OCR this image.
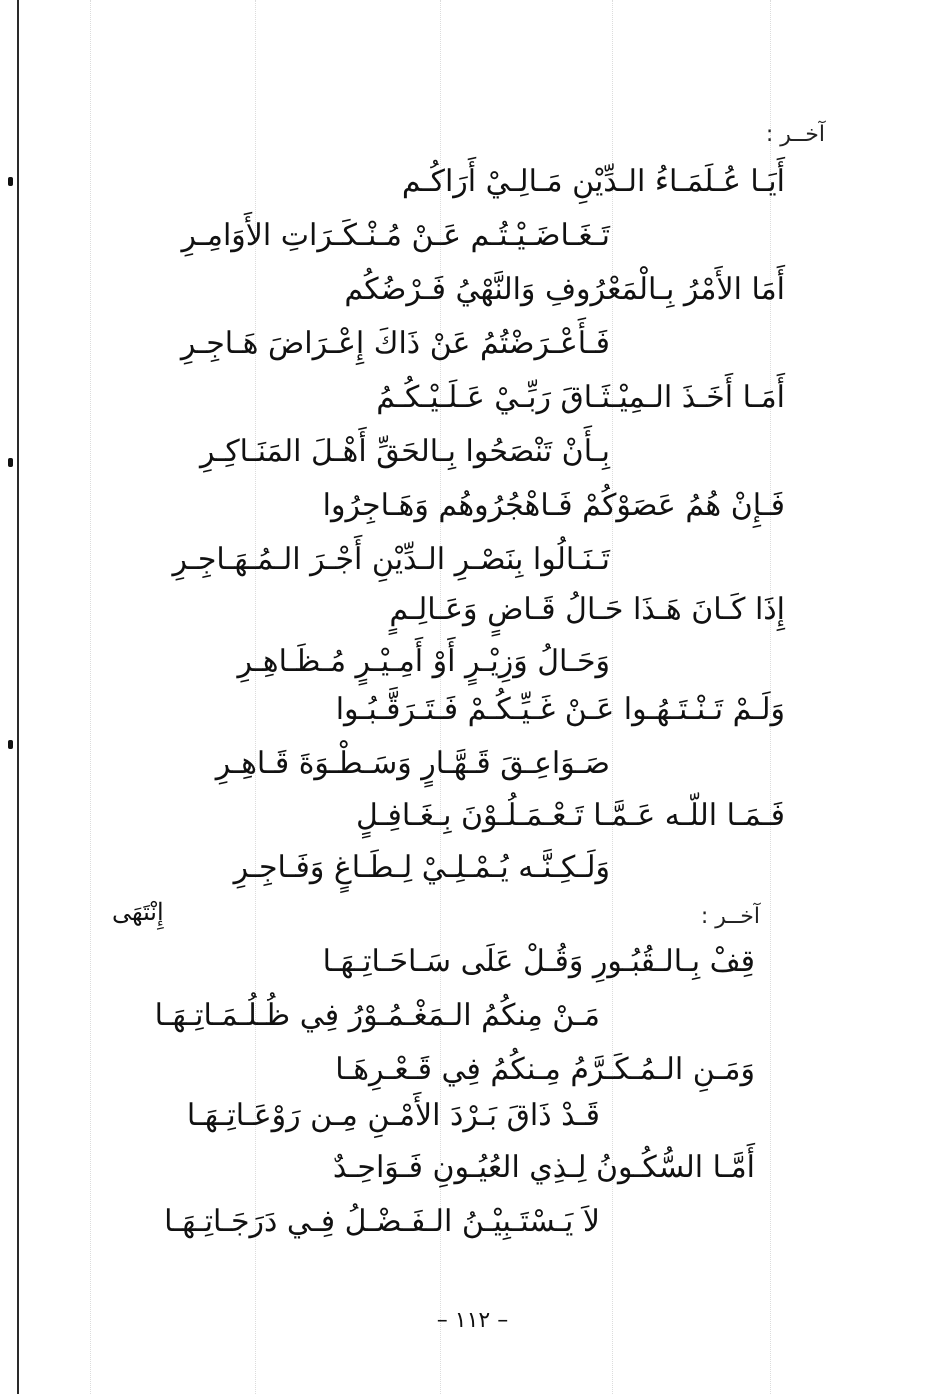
آخــر :
أَيَـا عُـلَمَـاءُ الـدِّيْنِ مَـالِـيْ أَرَاكُـم
تَـغَـاضَـيْـتُـم عَـنْ مُـنْـكَـرَاتِ الأَوَامِـرِ
أَمَا الأَمْرُ بِـالْمَعْرُوفِ وَالنَّهْيُ فَـرْضُكُم
فَـأَعْـرَضْتُمُ عَنْ ذَاكَ إِعْـرَاضَ هَـاجِـرِ
أَمَـا أَخَـذَ الـمِيْـثَـاقَ رَبِّـيْ عَـلَـيْـكُـمُ
بِـأَنْ تَنْصَحُوا بِـالحَقِّ أَهْـلَ المَنَـاكِـرِ
فَـإِنْ هُمُ عَصَوْكُمْ فَـاهْجُرُوهُم وَهَـاجِرُوا
تَـنَـالُوا بِنَصْـرِ الـدِّيْنِ أَجْـرَ الـمُـهَـاجِـرِ
إِذَا كَـانَ هَـذَا حَـالُ قَـاضٍ وَعَـالِـمٍ
وَحَـالُ وَزِيْـرٍ أَوْ أَمِـيْـرٍ مُـظَـاهِـرِ
وَلَـمْ تَـنْـتَـهُـوا عَـنْ غَـيِّـكُـمْ فَـتَـرَقَّـبُـوا
صَـوَاعِـقَ قَـهَّـارٍ وَسَـطْـوَةَ قَـاهِـرِ
فَـمَـا اللّـه عَـمَّـا تَـعْـمَـلُـوْنَ بِـغَـافِـلٍ
وَلَـكِـنَّـه يُـمْـلِـيْ لِـطَـاغٍ وَفَـاجِـرِ
إِنْتَهَى	آخــر :
قِفْ بِـالـقُبُـورِ وَقُـلْ عَلَى سَـاحَـاتِـهَـا
مَـنْ مِنكُمُ الـمَغْـمُـوْرُ فِي ظُـلُـمَـاتِـهَـا
وَمَـنِ الـمُـكَـرَّمُ مِـنكُمُ فِي قَـعْـرِهَـا
قَـدْ ذَاقَ بَـرْدَ الأَمْـنِ مِـن رَوْعَـاتِـهَـا
أَمَّـا السُّكُـونُ لِـذِي العُيُـونِ فَـوَاحِـدٌ
لاَ يَـسْتَـبِيْـنُ الـفَـضْـلُ فِـي دَرَجَـاتِـهَـا
– ١١٢ –
